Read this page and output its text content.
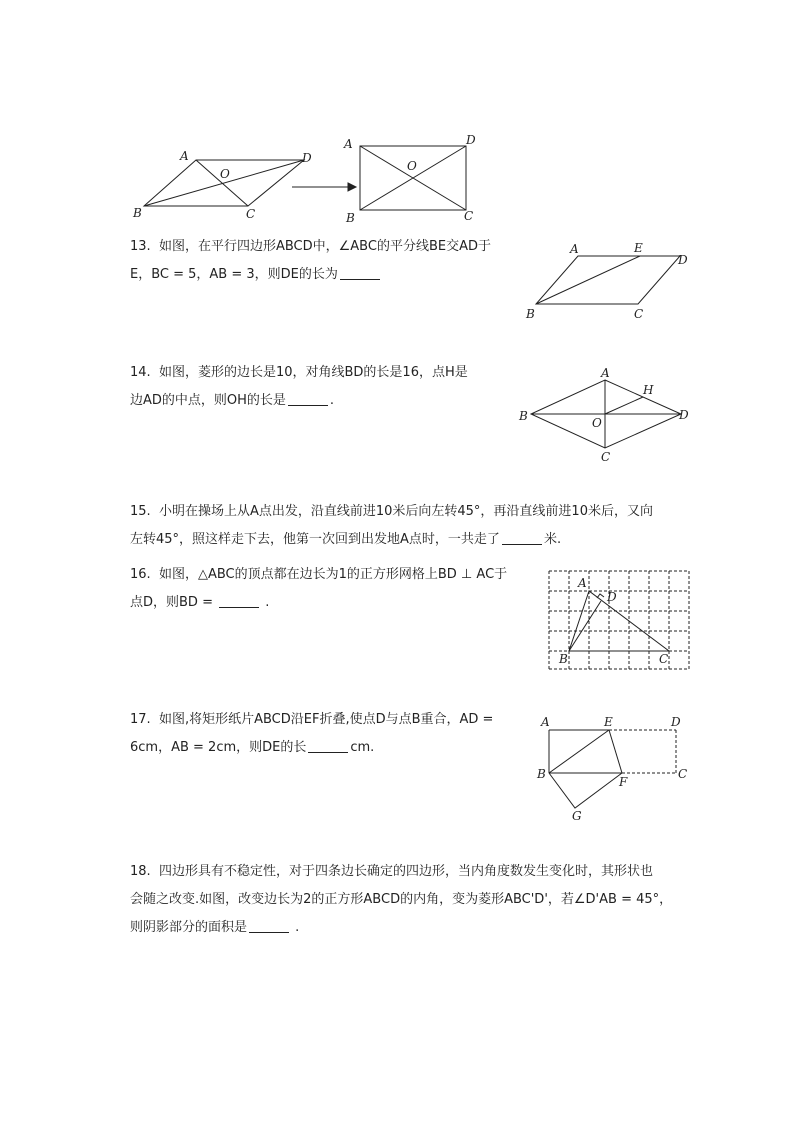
A
B	C
D
O
A
B	C
D
O
13. 如图，在平行四边形ABCD中，∠ABC的平分线BE交AD于
E，BC = 5，AB = 3，则DE的长为
A
B	C
D
E
14. 如图，菱形的边长是10，对角线BD的长是16，点H是
边AD的中点，则OH的长是	.
A
B
C
D
H
O
15. 小明在操场上从A点出发，沿直线前进10米后向左转45°，再沿直线前进10米后，又向
左转45°，照这样走下去，他第一次回到出发地A点时，一共走了	米.
16. 如图，△ABC的顶点都在边长为1的正方形网格上BD ⊥ AC于
点D，则BD =	.
A
B	C
D
17. 如图,将矩形纸片ABCD沿EF折叠,使点D与点B重合，AD =
6cm，AB = 2cm，则DE的长	cm.
A
B	C
D
E
F
G
18. 四边形具有不稳定性，对于四条边长确定的四边形，当内角度数发生变化时，其形状也
会随之改变.如图，改变边长为2的正方形ABCD的内角，变为菱形ABC'D'，若∠D'AB = 45°，
则阴影部分的面积是	.
